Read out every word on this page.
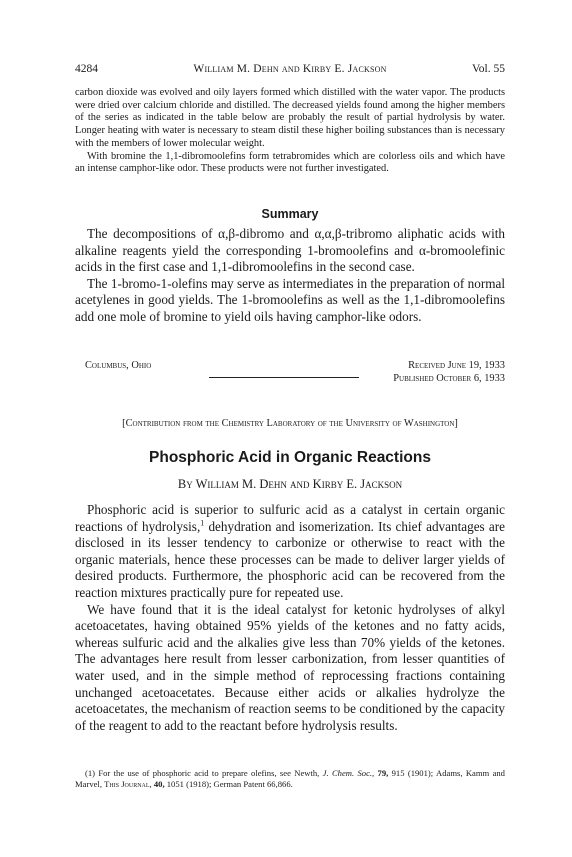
4284	William M. Dehn and Kirby E. Jackson	Vol. 55

carbon dioxide was evolved and oily layers formed which distilled with the water vapor. The products were dried over calcium chloride and distilled. The decreased yields found among the higher members of the series as indicated in the table below are probably the result of partial hydrolysis by water. Longer heating with water is necessary to steam distil these higher boiling substances than is necessary with the members of lower molecular weight.

With bromine the 1,1-dibromoolefins form tetrabromides which are colorless oils and which have an intense camphor-like odor. These products were not further investigated.

Summary

The decompositions of α,β-dibromo and α,α,β-tribromo aliphatic acids with alkaline reagents yield the corresponding 1-bromoolefins and α-bromoolefinic acids in the first case and 1,1-dibromoolefins in the second case.

The 1-bromo-1-olefins may serve as intermediates in the preparation of normal acetylenes in good yields. The 1-bromoolefins as well as the 1,1-dibromoolefins add one mole of bromine to yield oils having camphor-like odors.

Columbus, Ohio	Received June 19, 1933
Published October 6, 1933
[Contribution from the Chemistry Laboratory of the University of Washington]
Phosphoric Acid in Organic Reactions
By William M. Dehn and Kirby E. Jackson

Phosphoric acid is superior to sulfuric acid as a catalyst in certain organic reactions of hydrolysis,$^1$ dehydration and isomerization. Its chief advantages are disclosed in its lesser tendency to carbonize or otherwise to react with the organic materials, hence these processes can be made to deliver larger yields of desired products. Furthermore, the phosphoric acid can be recovered from the reaction mixtures practically pure for repeated use.

We have found that it is the ideal catalyst for ketonic hydrolyses of alkyl acetoacetates, having obtained 95% yields of the ketones and no fatty acids, whereas sulfuric acid and the alkalies give less than 70% yields of the ketones. The advantages here result from lesser carbonization, from lesser quantities of water used, and in the simple method of reprocessing fractions containing unchanged acetoacetates. Because either acids or alkalies hydrolyze the acetoacetates, the mechanism of reaction seems to be conditioned by the capacity of the reagent to add to the reactant before hydrolysis results.

(1) For the use of phosphoric acid to prepare olefins, see Newth, J. Chem. Soc., 79, 915 (1901); Adams, Kamm and Marvel, This Journal, 40, 1051 (1918); German Patent 66,866.
